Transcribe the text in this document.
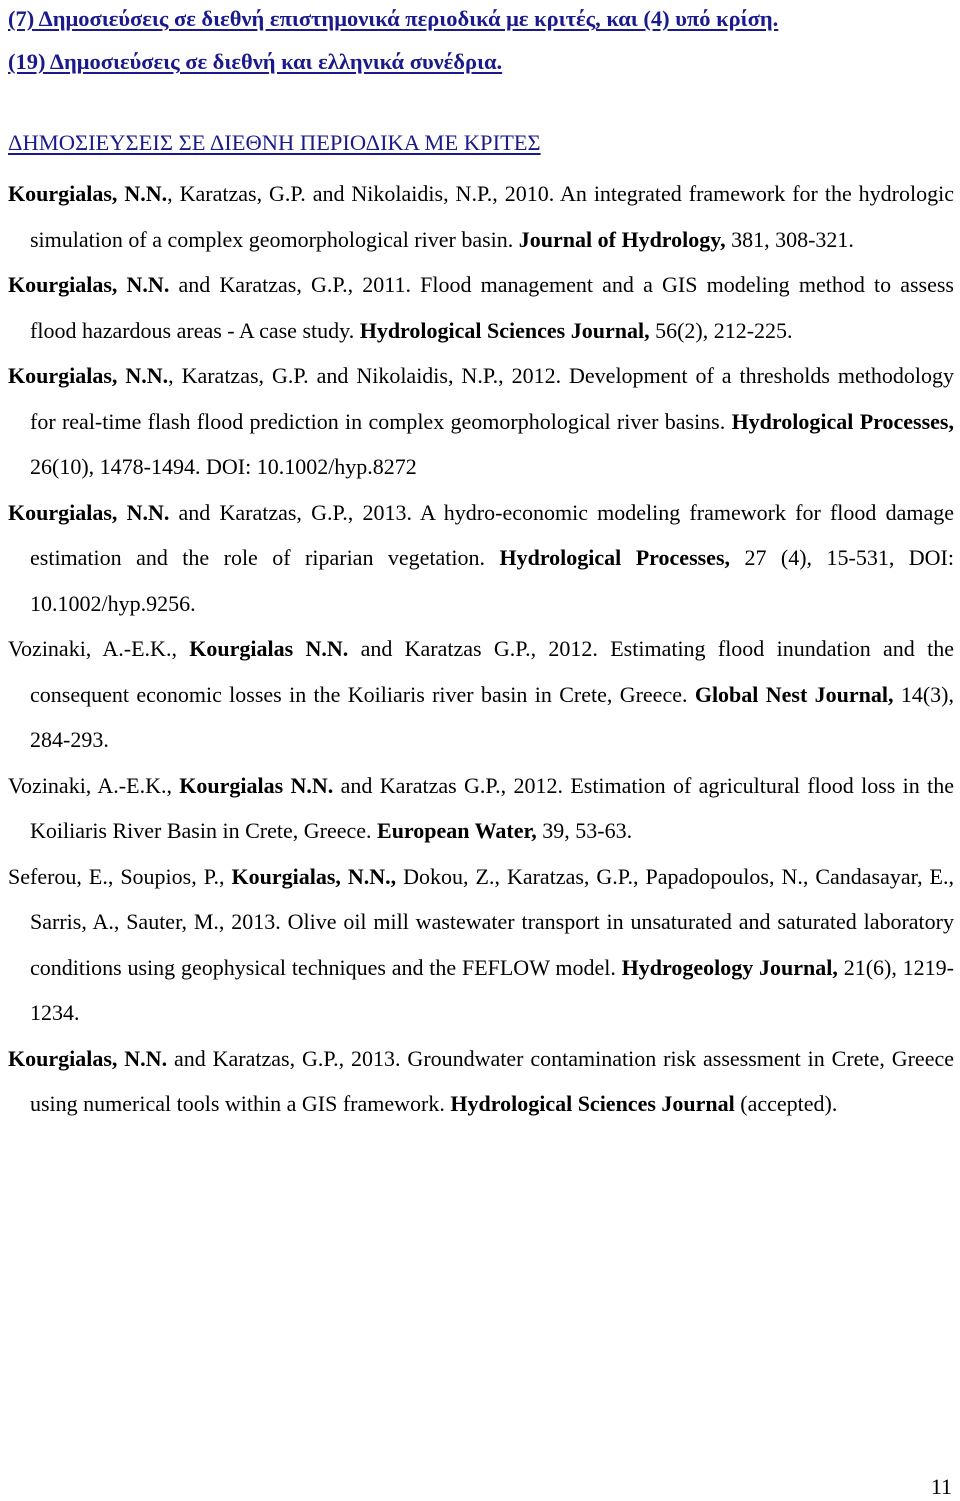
(7) Δημοσιεύσεις σε διεθνή επιστημονικά περιοδικά με κριτές, και (4) υπό κρίση.
(19) Δημοσιεύσεις σε διεθνή και ελληνικά συνέδρια.
ΔΗΜΟΣΙΕΥΣΕΙΣ ΣΕ ΔΙΕΘΝΗ ΠΕΡΙΟΔΙΚΑ ΜΕ ΚΡΙΤΕΣ

Kourgialas, N.N., Karatzas, G.P. and Nikolaidis, N.P., 2010. An integrated framework for the hydrologic simulation of a complex geomorphological river basin. Journal of Hydrology, 381, 308-321.

Kourgialas, N.N. and Karatzas, G.P., 2011. Flood management and a GIS modeling method to assess flood hazardous areas - A case study. Hydrological Sciences Journal, 56(2), 212-225.

Kourgialas, N.N., Karatzas, G.P. and Nikolaidis, N.P., 2012. Development of a thresholds methodology for real-time flash flood prediction in complex geomorphological river basins. Hydrological Processes, 26(10), 1478-1494. DOI: 10.1002/hyp.8272

Kourgialas, N.N. and Karatzas, G.P., 2013. A hydro-economic modeling framework for flood damage estimation and the role of riparian vegetation. Hydrological Processes, 27 (4), 15-531, DOI: 10.1002/hyp.9256.

Vozinaki, A.-E.K., Kourgialas N.N. and Karatzas G.P., 2012. Estimating flood inundation and the consequent economic losses in the Koiliaris river basin in Crete, Greece. Global Nest Journal, 14(3), 284-293.

Vozinaki, A.-E.K., Kourgialas N.N. and Karatzas G.P., 2012. Estimation of agricultural flood loss in the Koiliaris River Basin in Crete, Greece. European Water, 39, 53-63.

Seferou, E., Soupios, P., Kourgialas, N.N., Dokou, Z., Karatzas, G.P., Papadopoulos, N., Candasayar, E., Sarris, A., Sauter, M., 2013. Olive oil mill wastewater transport in unsaturated and saturated laboratory conditions using geophysical techniques and the FEFLOW model. Hydrogeology Journal, 21(6), 1219-1234.

Kourgialas, N.N. and Karatzas, G.P., 2013. Groundwater contamination risk assessment in Crete, Greece using numerical tools within a GIS framework. Hydrological Sciences Journal (accepted).

11
